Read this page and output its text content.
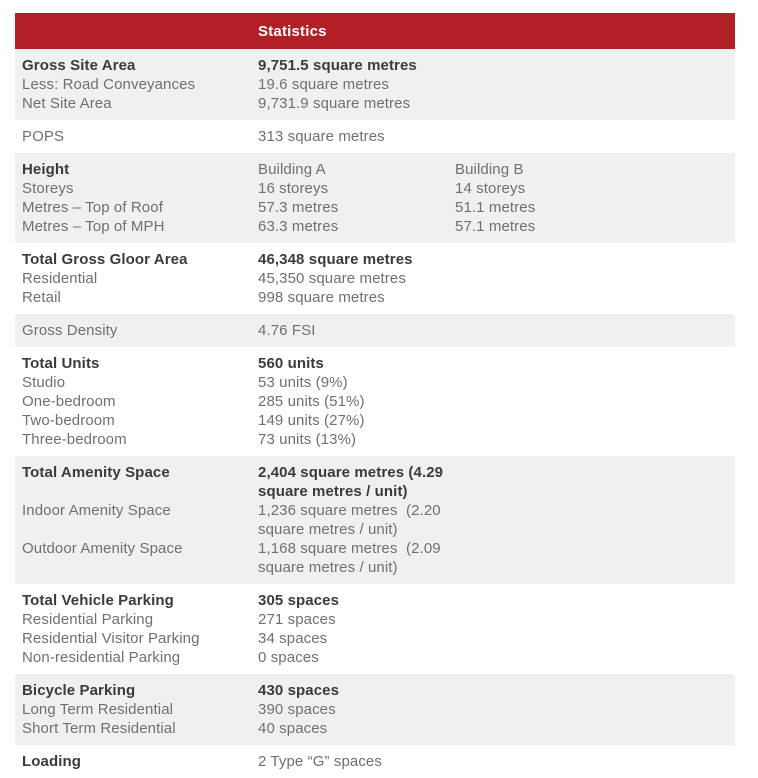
Statistics
Gross Site Area	9,751.5 square metres
Less: Road Conveyances	19.6 square metres
Net Site Area	9,731.9 square metres
POPS	313 square metres
Height	Building A	Building B
Storeys	16 storeys	14 storeys
Metres – Top of Roof	57.3 metres	51.1 metres
Metres – Top of MPH	63.3 metres	57.1 metres
Total Gross Gloor Area	46,348 square metres
Residential	45,350 square metres
Retail	998 square metres
Gross Density	4.76 FSI
Total Units	560 units
Studio	53 units (9%)
One-bedroom	285 units (51%)
Two-bedroom	149 units (27%)
Three-bedroom	73 units (13%)
Total Amenity Space	2,404 square metres (4.29 square metres / unit)
Indoor Amenity Space	1,236 square metres  (2.20 square metres / unit)
Outdoor Amenity Space	1,168 square metres  (2.09 square metres / unit)
Total Vehicle Parking	305 spaces
Residential Parking	271 spaces
Residential Visitor Parking	34 spaces
Non-residential Parking	0 spaces
Bicycle Parking	430 spaces
Long Term Residential	390 spaces
Short Term Residential	40 spaces
Loading	2 Type “G” spaces
